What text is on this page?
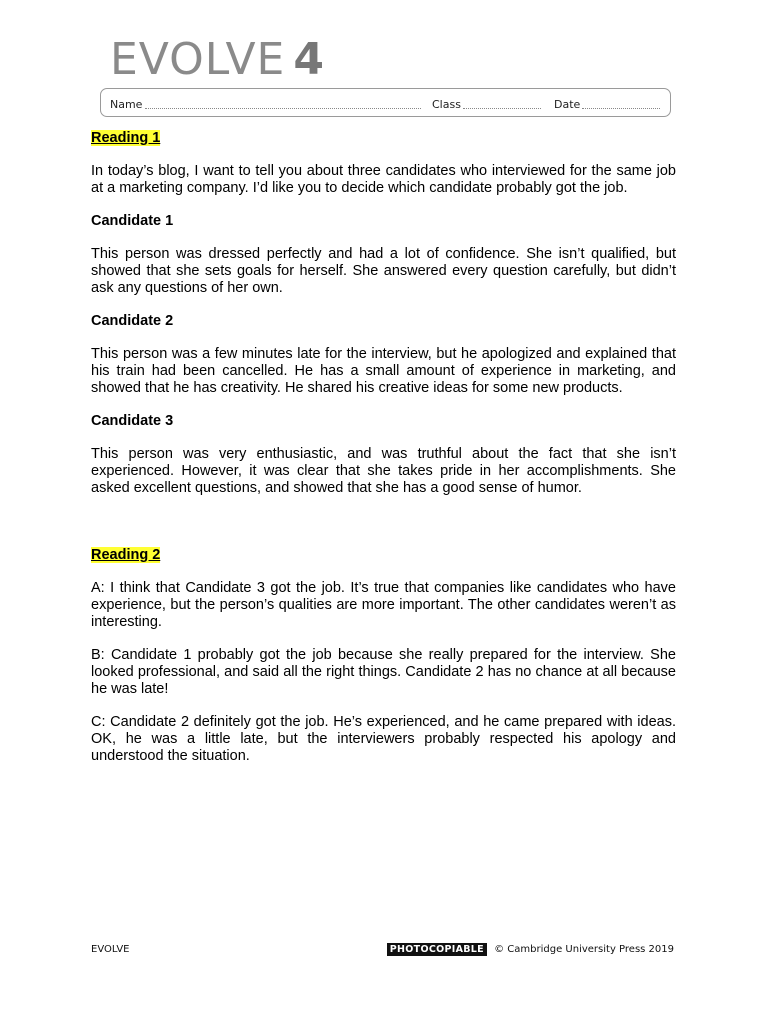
EVOLVE 4
Name	Class	Date
Reading 1

In today’s blog, I want to tell you about three candidates who interviewed for the same job at a marketing company. I’d like you to decide which candidate probably got the job.

Candidate 1

This person was dressed perfectly and had a lot of confidence. She isn’t qualified, but showed that she sets goals for herself. She answered every question carefully, but didn’t ask any questions of her own.

Candidate 2

This person was a few minutes late for the interview, but he apologized and explained that his train had been cancelled. He has a small amount of experience in marketing, and showed that he has creativity. He shared his creative ideas for some new products.

Candidate 3

This person was very enthusiastic, and was truthful about the fact that she isn’t experienced. However, it was clear that she takes pride in her accomplishments. She asked excellent questions, and showed that she has a good sense of humor.

Reading 2

A: I think that Candidate 3 got the job. It’s true that companies like candidates who have experience, but the person’s qualities are more important. The other candidates weren’t as interesting.

B: Candidate 1 probably got the job because she really prepared for the interview. She looked professional, and said all the right things. Candidate 2 has no chance at all because he was late!

C: Candidate 2 definitely got the job. He’s experienced, and he came prepared with ideas. OK, he was a little late, but the interviewers probably respected his apology and understood the situation.

EVOLVE	PHOTOCOPIABLE © Cambridge University Press 2019
